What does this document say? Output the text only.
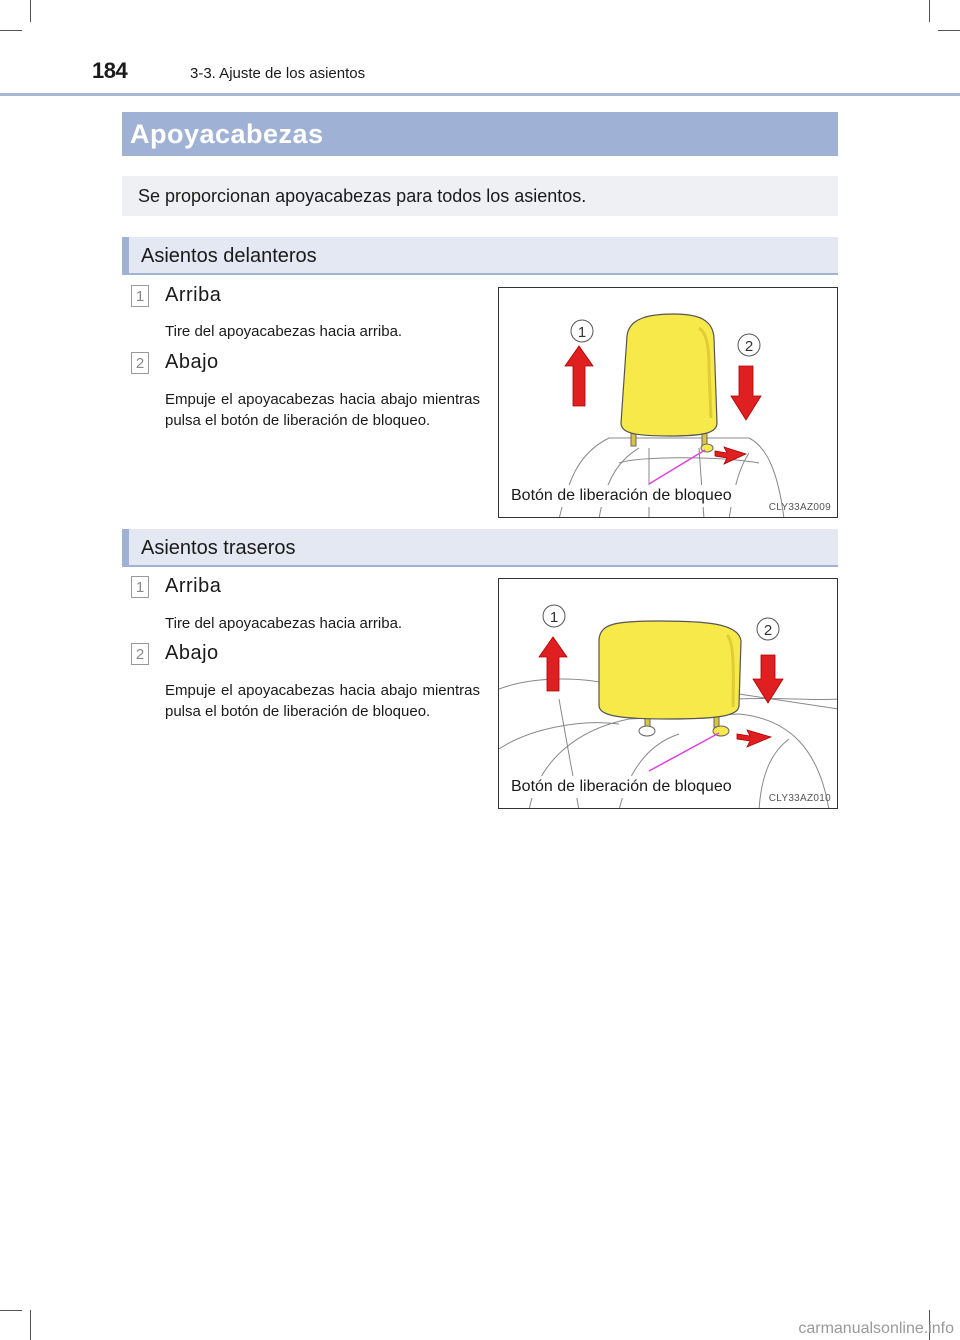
184	3-3. Ajuste de los asientos
Apoyacabezas
Se proporcionan apoyacabezas para todos los asientos.
Asientos delanteros
1 Arriba
Tire del apoyacabezas hacia arriba.
2 Abajo
Empuje el apoyacabezas hacia abajo mientras pulsa el botón de liberación de bloqueo.
1
2
Botón de liberación de bloqueo
CLY33AZ009
Asientos traseros
1 Arriba
Tire del apoyacabezas hacia arriba.
2 Abajo
Empuje el apoyacabezas hacia abajo mientras pulsa el botón de liberación de bloqueo.
1
2
Botón de liberación de bloqueo
CLY33AZ010
carmanualsonline.info
